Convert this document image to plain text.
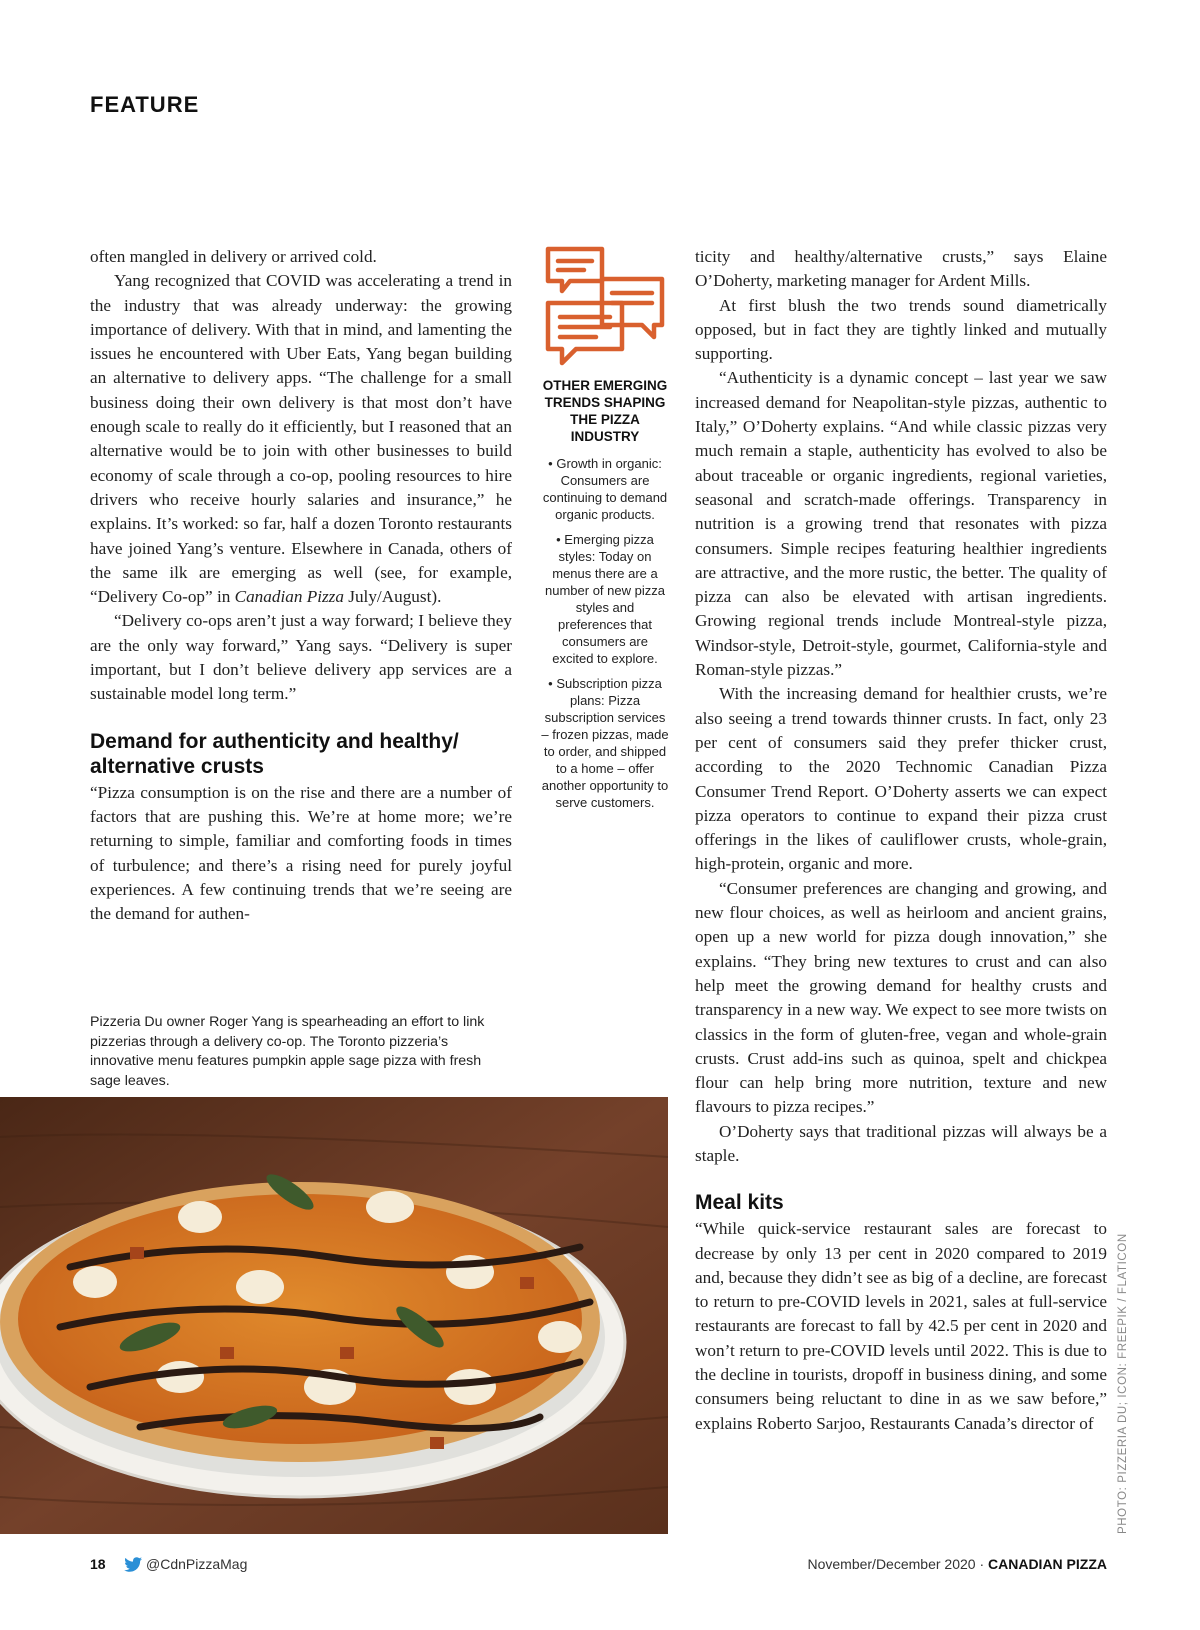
FEATURE

often mangled in delivery or arrived cold.

Yang recognized that COVID was accelerating a trend in the industry that was already underway: the growing importance of delivery. With that in mind, and lamenting the issues he encountered with Uber Eats, Yang began building an alternative to delivery apps. “The challenge for a small business doing their own delivery is that most don’t have enough scale to really do it efficiently, but I reasoned that an alternative would be to join with other businesses to build economy of scale through a co-op, pooling resources to hire drivers who receive hourly salaries and insurance,” he explains. It’s worked: so far, half a dozen Toronto restaurants have joined Yang’s venture. Elsewhere in Canada, others of the same ilk are emerging as well (see, for example, “Delivery Co-op” in Canadian Pizza July/August).

“Delivery co-ops aren’t just a way forward; I believe they are the only way forward,” Yang says. “Delivery is super important, but I don’t believe delivery app services are a sustainable model long term.”

Demand for authenticity and healthy/ alternative crusts

“Pizza consumption is on the rise and there are a number of factors that are pushing this. We’re at home more; we’re returning to simple, familiar and comforting foods in times of turbulence; and there’s a rising need for purely joyful experiences. A few continuing trends that we’re seeing are the demand for authen-

OTHER EMERGING TRENDS SHAPING THE PIZZA INDUSTRY
• Growth in organic: Consumers are continuing to demand organic products.
• Emerging pizza styles: Today on menus there are a number of new pizza styles and preferences that consumers are excited to explore.
• Subscription pizza plans: Pizza subscription services – frozen pizzas, made to order, and shipped to a home – offer another opportunity to serve customers.
Pizzeria Du owner Roger Yang is spearheading an effort to link pizzerias through a delivery co-op. The Toronto pizzeria’s innovative menu features pumpkin apple sage pizza with fresh sage leaves.

ticity and healthy/alternative crusts,” says Elaine O’Doherty, marketing manager for Ardent Mills.

At first blush the two trends sound diametrically opposed, but in fact they are tightly linked and mutually supporting.

“Authenticity is a dynamic concept – last year we saw increased demand for Neapolitan-style pizzas, authentic to Italy,” O’Doherty explains. “And while classic pizzas very much remain a staple, authenticity has evolved to also be about traceable or organic ingredients, regional varieties, seasonal and scratch-made offerings. Transparency in nutrition is a growing trend that resonates with pizza consumers. Simple recipes featuring healthier ingredients are attractive, and the more rustic, the better. The quality of pizza can also be elevated with artisan ingredients. Growing regional trends include Montreal-style pizza, Windsor-style, Detroit-style, gourmet, California-style and Roman-style pizzas.”

With the increasing demand for healthier crusts, we’re also seeing a trend towards thinner crusts. In fact, only 23 per cent of consumers said they prefer thicker crust, according to the 2020 Technomic Canadian Pizza Consumer Trend Report. O’Doherty asserts we can expect pizza operators to continue to expand their pizza crust offerings in the likes of cauliflower crusts, whole-grain, high-protein, organic and more.

“Consumer preferences are changing and growing, and new flour choices, as well as heirloom and ancient grains, open up a new world for pizza dough innovation,” she explains. “They bring new textures to crust and can also help meet the growing demand for healthy crusts and transparency in a new way. We expect to see more twists on classics in the form of gluten-free, vegan and whole-grain crusts. Crust add-ins such as quinoa, spelt and chickpea flour can help bring more nutrition, texture and new flavours to pizza recipes.”

O’Doherty says that traditional pizzas will always be a staple.

Meal kits

“While quick-service restaurant sales are forecast to decrease by only 13 per cent in 2020 compared to 2019 and, because they didn’t see as big of a decline, are forecast to return to pre-COVID levels in 2021, sales at full-service restaurants are forecast to fall by 42.5 per cent in 2020 and won’t return to pre-COVID levels until 2022. This is due to the decline in tourists, dropoff in business dining, and some consumers being reluctant to dine in as we saw before,” explains Roberto Sarjoo, Restaurants Canada’s director of	PHOTO: PIZZERIA DU; ICON: FREEPIK / FLATICON
18	@CdnPizzaMag	November/December 2020 · CANADIAN PIZZA
